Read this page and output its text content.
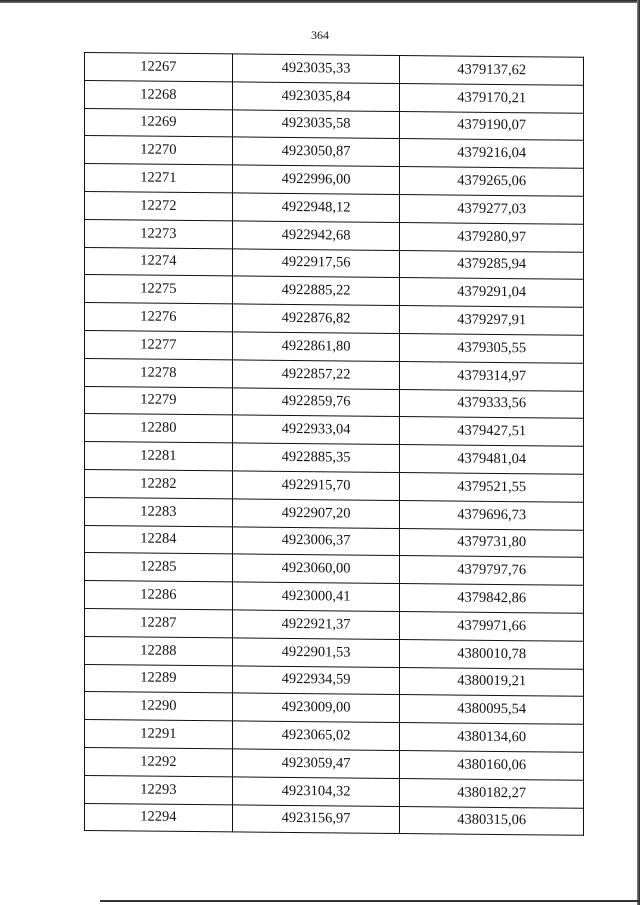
364
12267	4923035,33	4379137,62
12268	4923035,84	4379170,21
12269	4923035,58	4379190,07
12270	4923050,87	4379216,04
12271	4922996,00	4379265,06
12272	4922948,12	4379277,03
12273	4922942,68	4379280,97
12274	4922917,56	4379285,94
12275	4922885,22	4379291,04
12276	4922876,82	4379297,91
12277	4922861,80	4379305,55
12278	4922857,22	4379314,97
12279	4922859,76	4379333,56
12280	4922933,04	4379427,51
12281	4922885,35	4379481,04
12282	4922915,70	4379521,55
12283	4922907,20	4379696,73
12284	4923006,37	4379731,80
12285	4923060,00	4379797,76
12286	4923000,41	4379842,86
12287	4922921,37	4379971,66
12288	4922901,53	4380010,78
12289	4922934,59	4380019,21
12290	4923009,00	4380095,54
12291	4923065,02	4380134,60
12292	4923059,47	4380160,06
12293	4923104,32	4380182,27
12294	4923156,97	4380315,06
